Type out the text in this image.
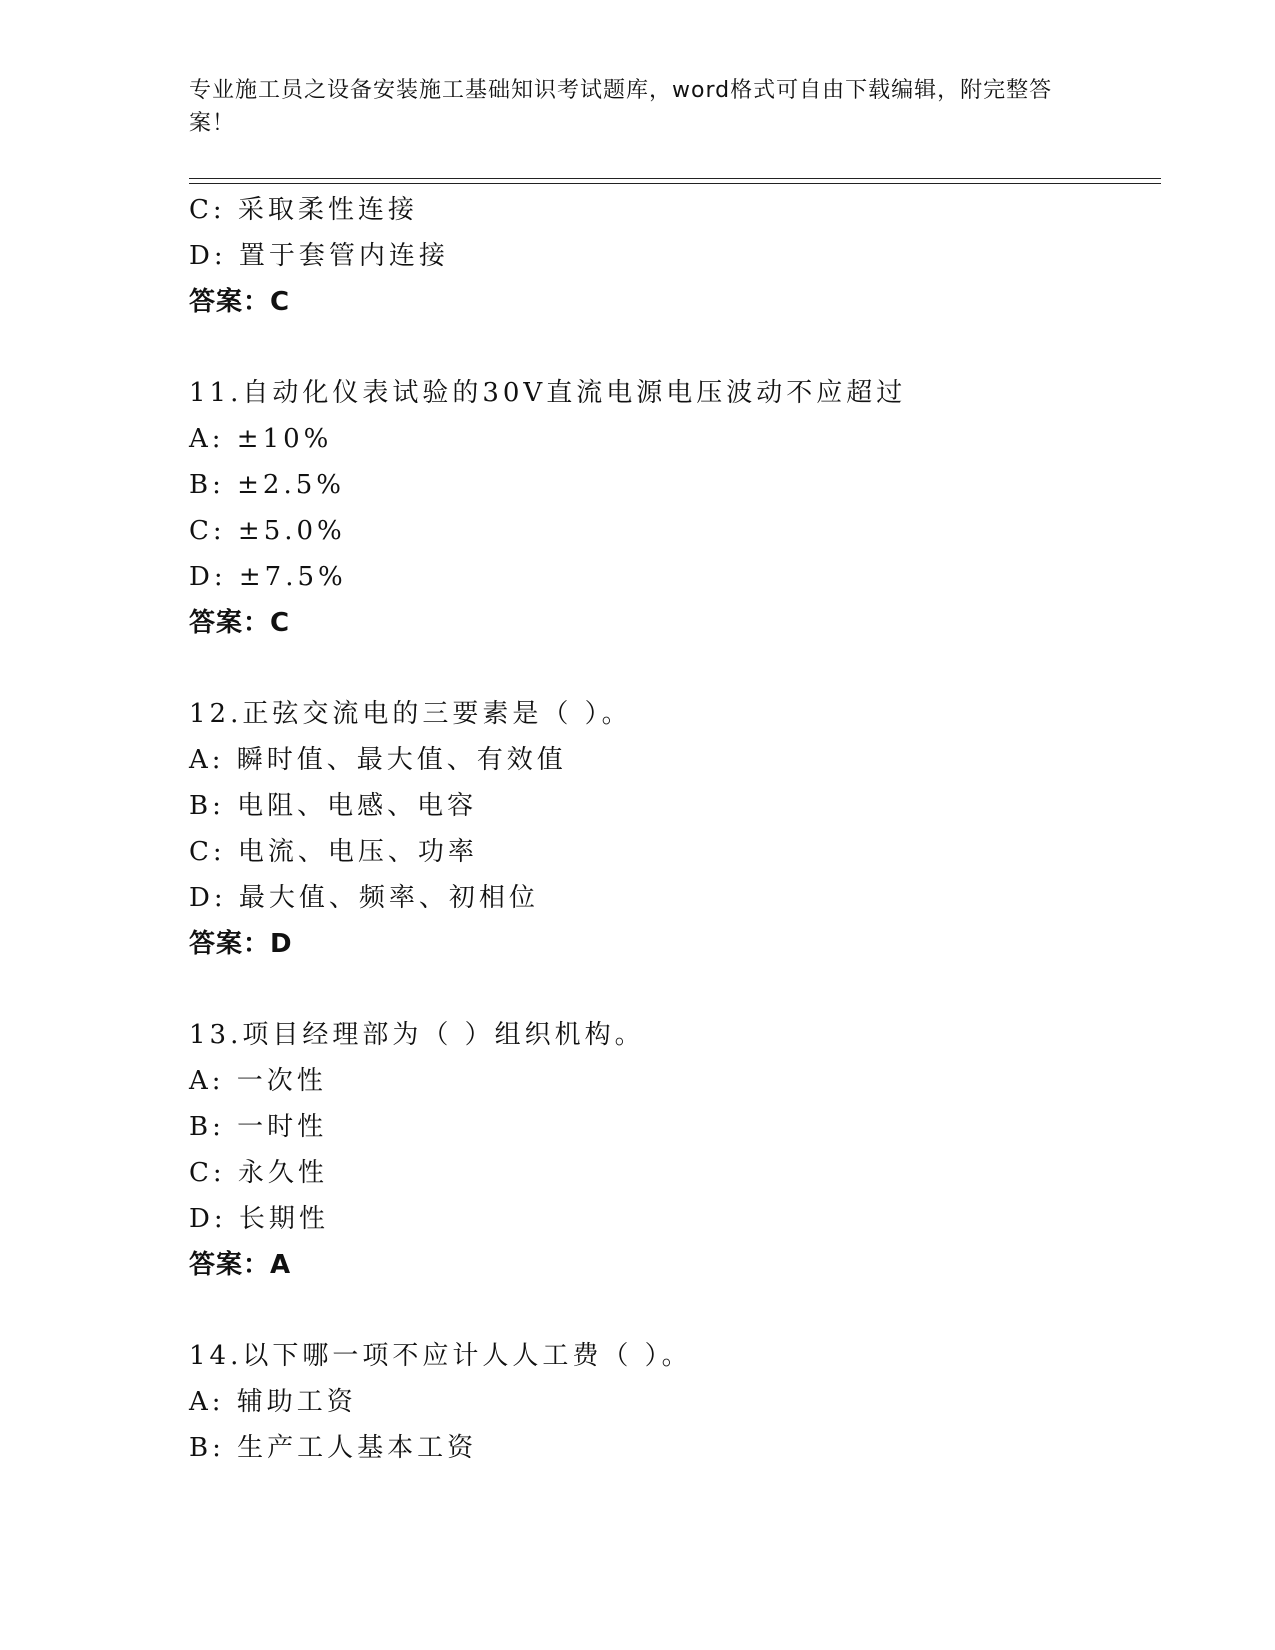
专业施工员之设备安装施工基础知识考试题库，word格式可自由下载编辑，附完整答案！
C: 采取柔性连接
D: 置于套管内连接
答案：C
11.自动化仪表试验的30V直流电源电压波动不应超过
A: ±10%
B: ±2.5%
C: ±5.0%
D: ±7.5%
答案：C
12.正弦交流电的三要素是（ ）。
A: 瞬时值、最大值、有效值
B: 电阻、电感、电容
C: 电流、电压、功率
D: 最大值、频率、初相位
答案：D
13.项目经理部为（ ）组织机构。
A: 一次性
B: 一时性
C: 永久性
D: 长期性
答案：A
14.以下哪一项不应计人人工费（ ）。
A: 辅助工资
B: 生产工人基本工资
